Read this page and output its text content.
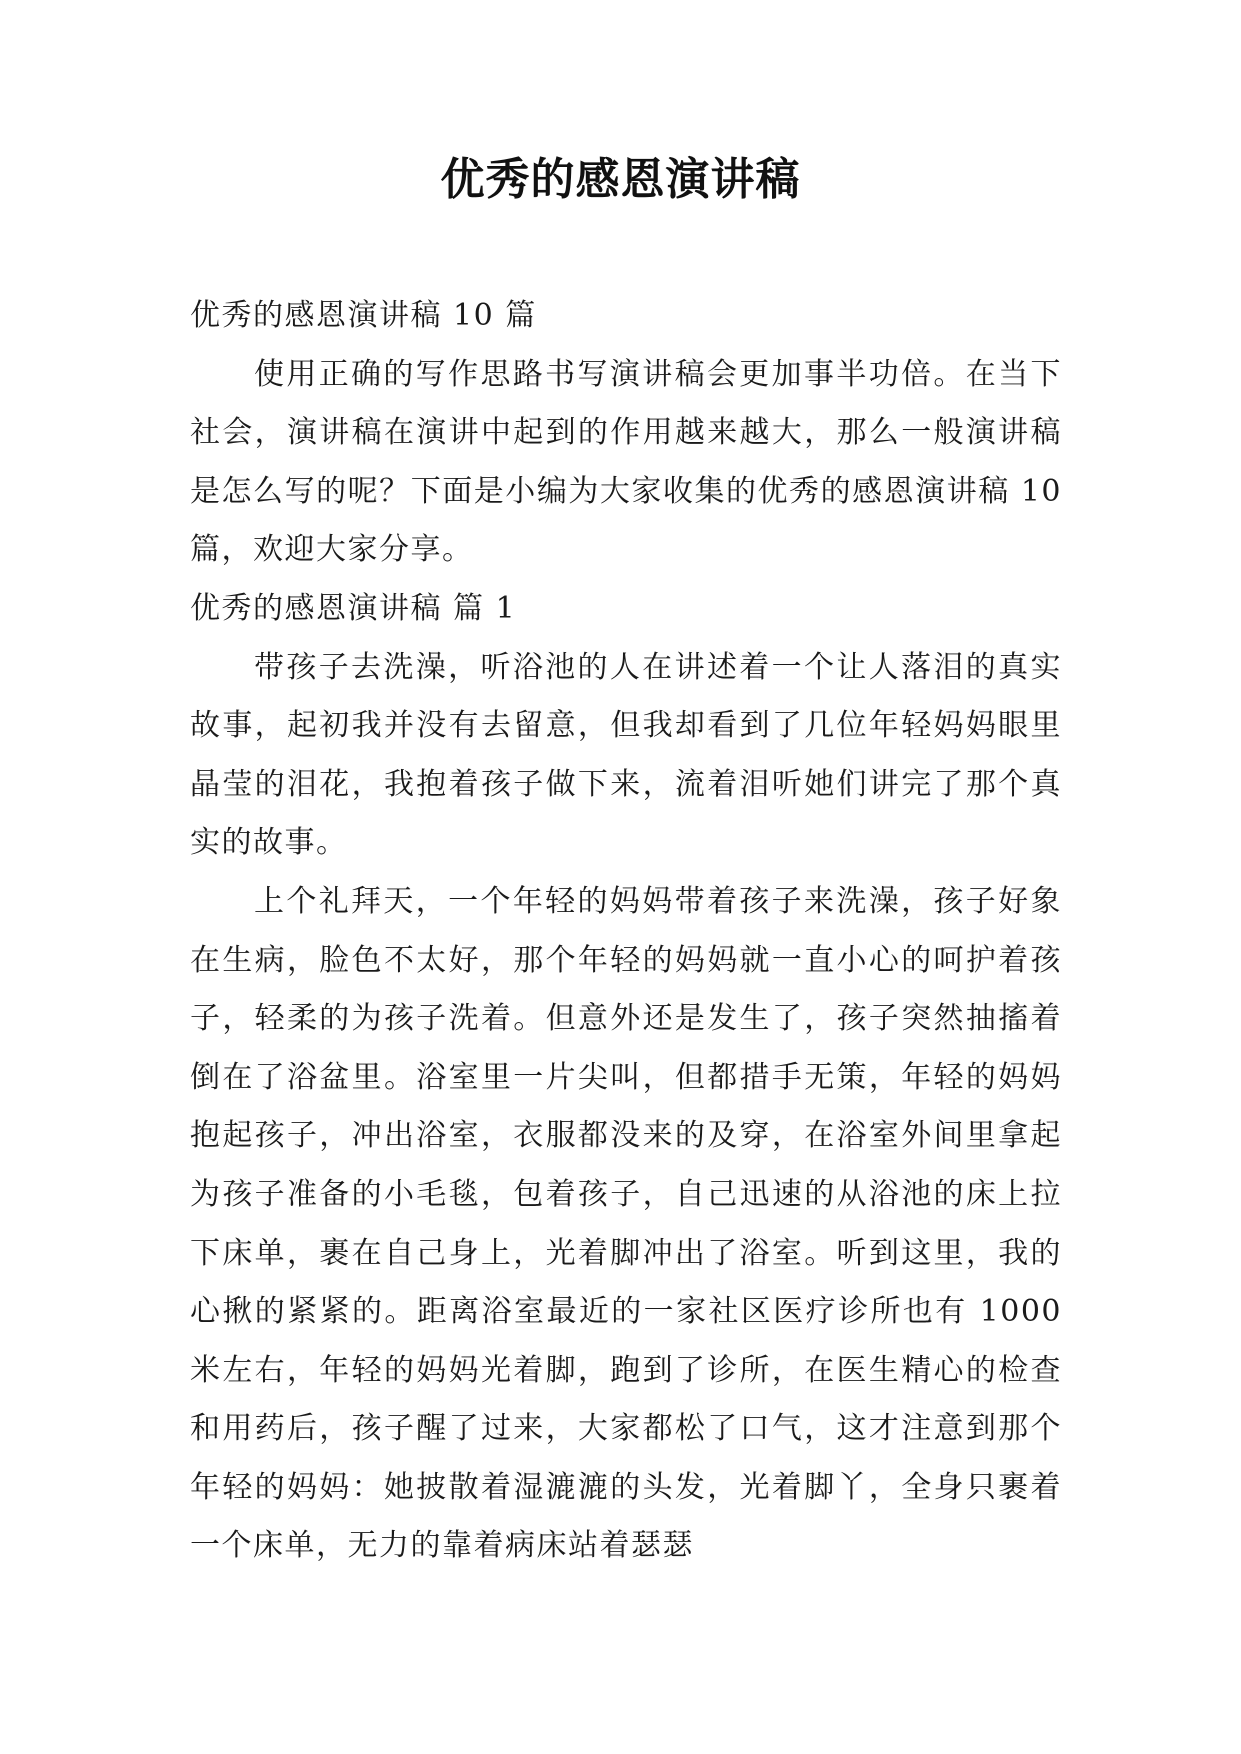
优秀的感恩演讲稿

优秀的感恩演讲稿 10 篇

使用正确的写作思路书写演讲稿会更加事半功倍。在当下社会，演讲稿在演讲中起到的作用越来越大，那么一般演讲稿是怎么写的呢？下面是小编为大家收集的优秀的感恩演讲稿 10 篇，欢迎大家分享。

优秀的感恩演讲稿 篇 1

带孩子去洗澡，听浴池的人在讲述着一个让人落泪的真实故事，起初我并没有去留意，但我却看到了几位年轻妈妈眼里晶莹的泪花，我抱着孩子做下来，流着泪听她们讲完了那个真实的故事。

上个礼拜天，一个年轻的妈妈带着孩子来洗澡，孩子好象在生病，脸色不太好，那个年轻的妈妈就一直小心的呵护着孩子，轻柔的为孩子洗着。但意外还是发生了，孩子突然抽搐着倒在了浴盆里。浴室里一片尖叫，但都措手无策，年轻的妈妈抱起孩子，冲出浴室，衣服都没来的及穿，在浴室外间里拿起为孩子准备的小毛毯，包着孩子，自己迅速的从浴池的床上拉下床单，裹在自己身上，光着脚冲出了浴室。听到这里，我的心揪的紧紧的。距离浴室最近的一家社区医疗诊所也有 1000 米左右，年轻的妈妈光着脚，跑到了诊所，在医生精心的检查和用药后，孩子醒了过来，大家都松了口气，这才注意到那个年轻的妈妈：她披散着湿漉漉的头发，光着脚丫，全身只裹着一个床单，无力的靠着病床站着瑟瑟
